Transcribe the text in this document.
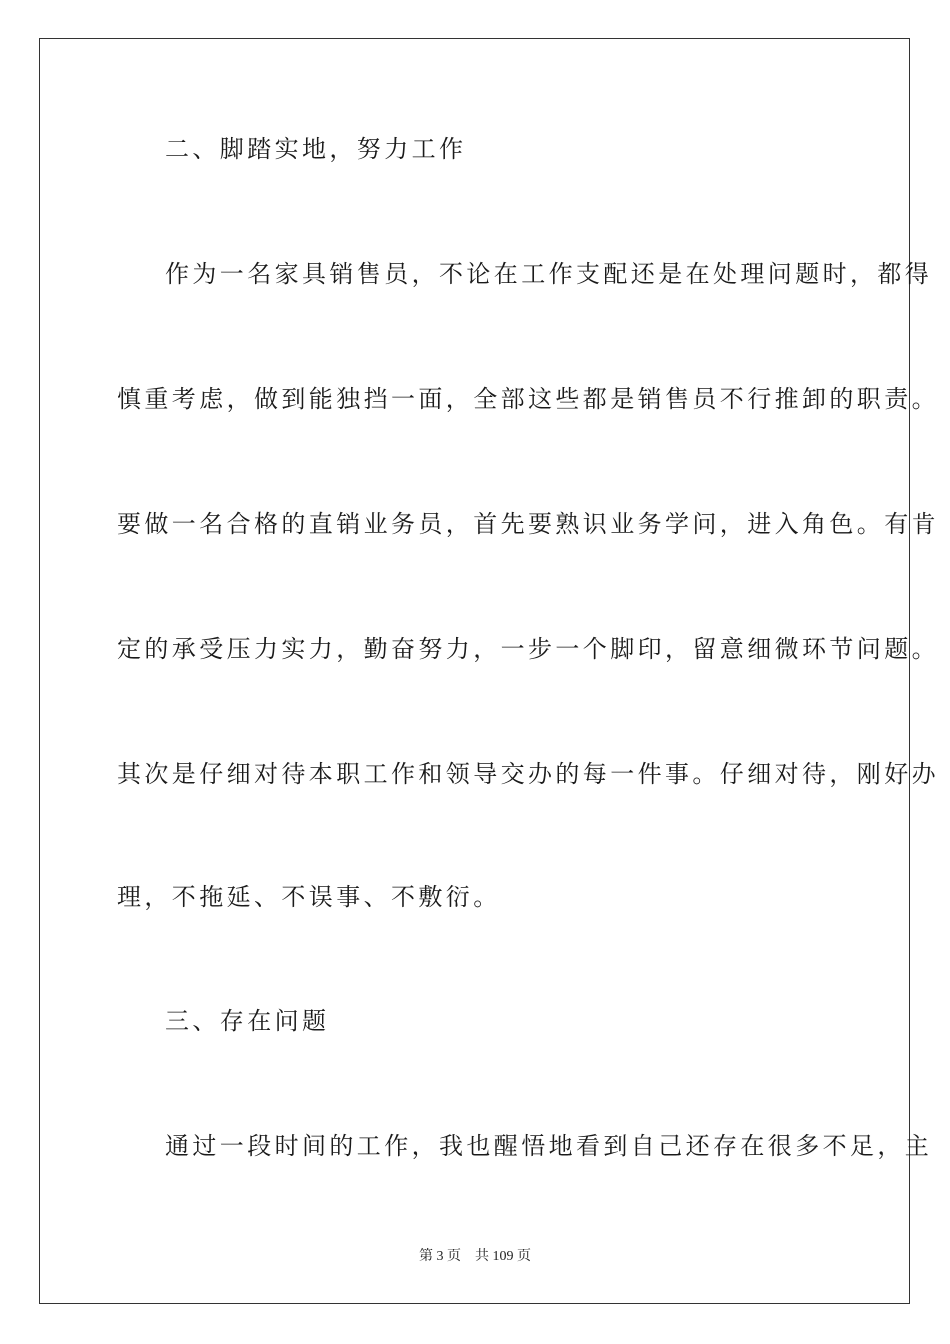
二、脚踏实地，努力工作
作为一名家具销售员，不论在工作支配还是在处理问题时，都得
慎重考虑，做到能独挡一面，全部这些都是销售员不行推卸的职责。
要做一名合格的直销业务员，首先要熟识业务学问，进入角色。有肯
定的承受压力实力，勤奋努力，一步一个脚印，留意细微环节问题。
其次是仔细对待本职工作和领导交办的每一件事。仔细对待，刚好办
理，不拖延、不误事、不敷衍。
三、存在问题
通过一段时间的工作，我也醒悟地看到自己还存在很多不足，主
第 3 页 共 109 页
